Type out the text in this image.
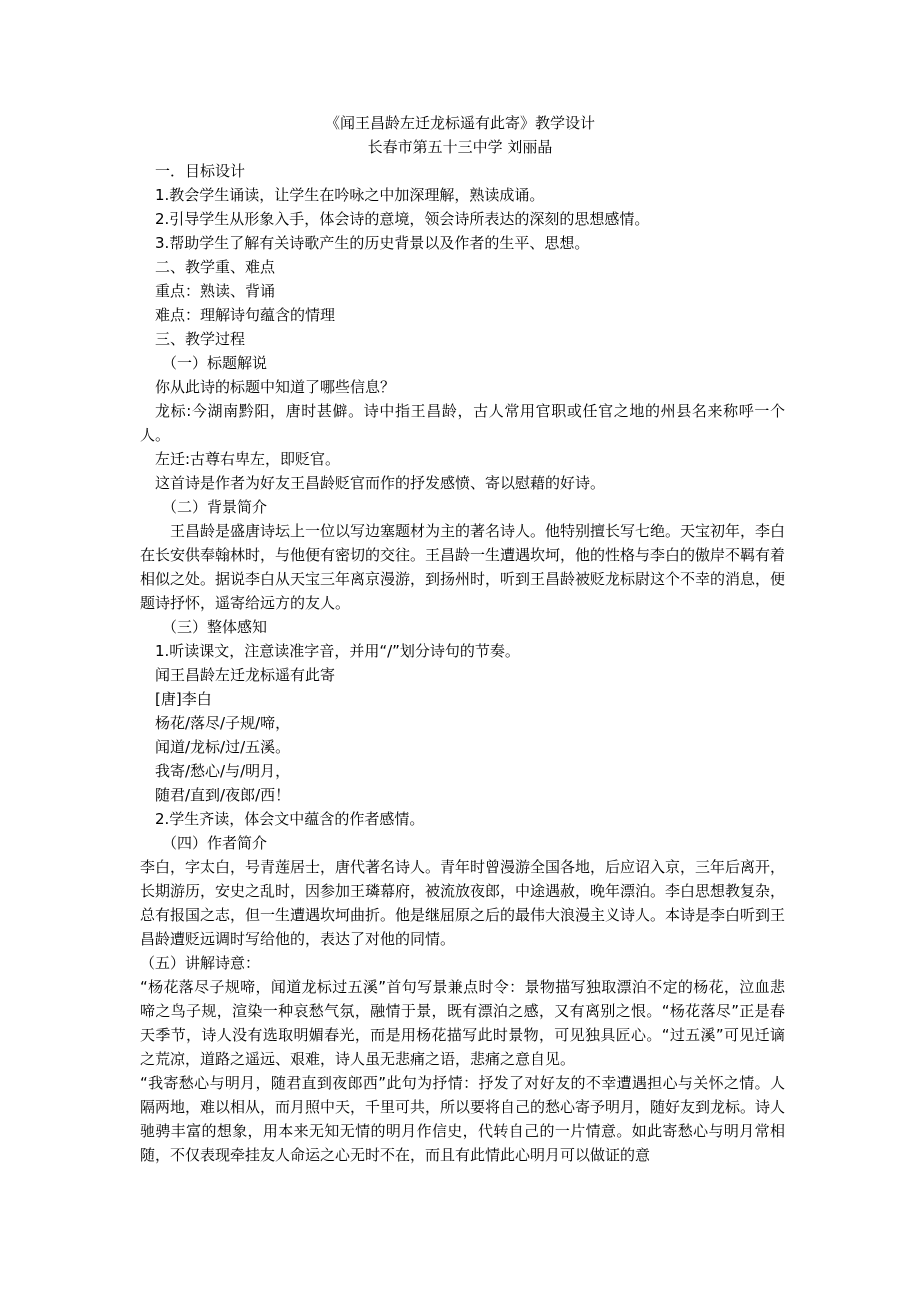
《闻王昌龄左迁龙标遥有此寄》教学设计
长春市第五十三中学 刘丽晶
一．目标设计
1.教会学生诵读，让学生在吟咏之中加深理解，熟读成诵。
2.引导学生从形象入手，体会诗的意境，领会诗所表达的深刻的思想感情。
3.帮助学生了解有关诗歌产生的历史背景以及作者的生平、思想。
二、教学重、难点
重点：熟读、背诵
难点：理解诗句蕴含的情理
三、教学过程
（一）标题解说
你从此诗的标题中知道了哪些信息？
龙标:今湖南黔阳，唐时甚僻。诗中指王昌龄，古人常用官职或任官之地的州县名来称呼一个人。
左迁:古尊右卑左，即贬官。
这首诗是作者为好友王昌龄贬官而作的抒发感愤、寄以慰藉的好诗。
（二）背景简介
王昌龄是盛唐诗坛上一位以写边塞题材为主的著名诗人。他特别擅长写七绝。天宝初年，李白在长安供奉翰林时，与他便有密切的交往。王昌龄一生遭遇坎坷，他的性格与李白的傲岸不羁有着相似之处。据说李白从天宝三年离京漫游，到扬州时，听到王昌龄被贬龙标尉这个不幸的消息，便题诗抒怀，遥寄给远方的友人。
（三）整体感知
1.听读课文，注意读准字音，并用“/”划分诗句的节奏。
闻王昌龄左迁龙标遥有此寄
[唐]李白
杨花/落尽/子规/啼，
闻道/龙标/过/五溪。
我寄/愁心/与/明月，
随君/直到/夜郎/西！
2.学生齐读，体会文中蕴含的作者感情。
（四）作者简介
李白，字太白，号青莲居士，唐代著名诗人。青年时曾漫游全国各地，后应诏入京，三年后离开，长期游历，安史之乱时，因参加王璘幕府，被流放夜郎，中途遇赦，晚年漂泊。李白思想教复杂，总有报国之志，但一生遭遇坎坷曲折。他是继屈原之后的最伟大浪漫主义诗人。本诗是李白听到王昌龄遭贬远调时写给他的，表达了对他的同情。
（五）讲解诗意：
“杨花落尽子规啼，闻道龙标过五溪”首句写景兼点时令：景物描写独取漂泊不定的杨花，泣血悲啼之鸟子规，渲染一种哀愁气氛，融情于景，既有漂泊之感，又有离别之恨。“杨花落尽”正是春天季节，诗人没有选取明媚春光，而是用杨花描写此时景物，可见独具匠心。“过五溪”可见迁谪之荒凉，道路之遥远、艰难，诗人虽无悲痛之语，悲痛之意自见。
“我寄愁心与明月，随君直到夜郎西”此句为抒情：抒发了对好友的不幸遭遇担心与关怀之情。人隔两地，难以相从，而月照中天，千里可共，所以要将自己的愁心寄予明月，随好友到龙标。诗人驰骋丰富的想象，用本来无知无情的明月作信史，代转自己的一片情意。如此寄愁心与明月常相随，不仅表现牵挂友人命运之心无时不在，而且有此情此心明月可以做证的意
